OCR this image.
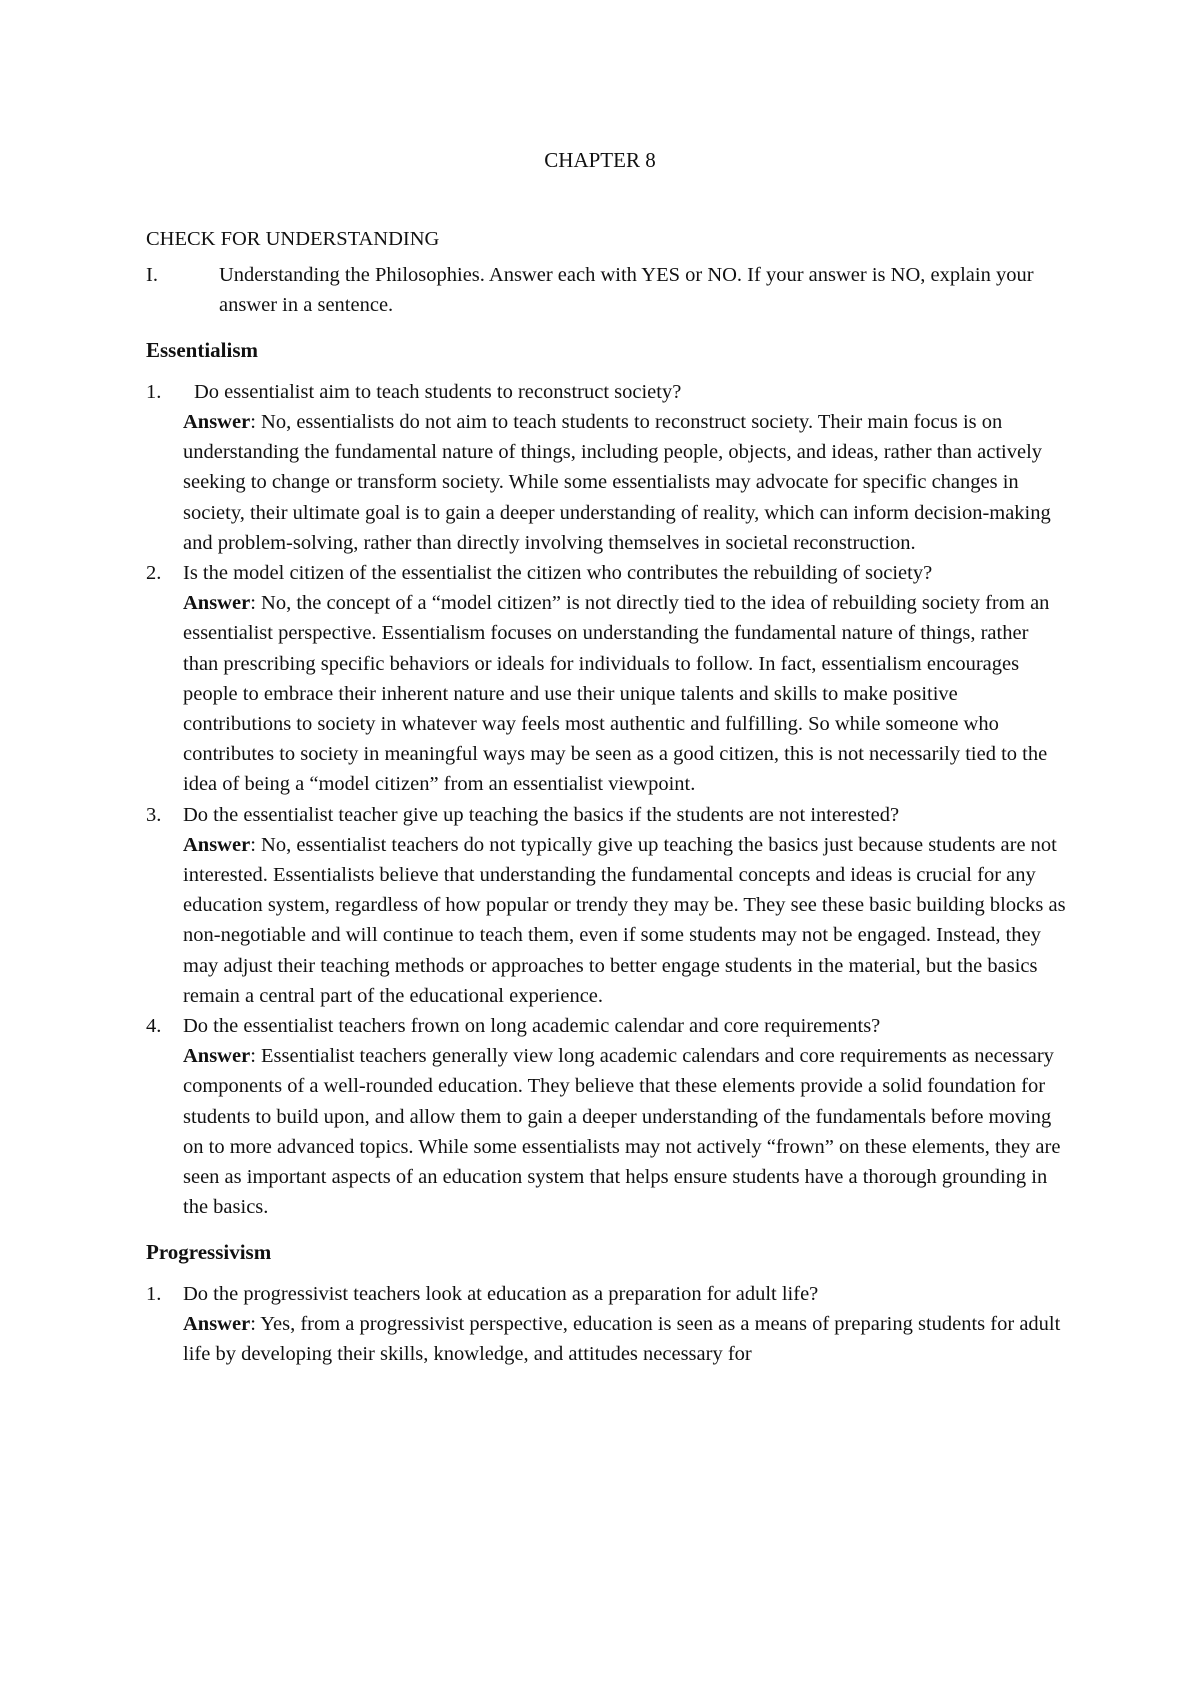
CHAPTER 8
CHECK FOR UNDERSTANDING
I.	Understanding the Philosophies. Answer each with YES or NO. If your answer is NO, explain your answer in a sentence.
Essentialism
1.	Do essentialist aim to teach students to reconstruct society?
Answer: No, essentialists do not aim to teach students to reconstruct society. Their main focus is on understanding the fundamental nature of things, including people, objects, and ideas, rather than actively seeking to change or transform society. While some essentialists may advocate for specific changes in society, their ultimate goal is to gain a deeper understanding of reality, which can inform decision-making and problem-solving, rather than directly involving themselves in societal reconstruction.
2.	Is the model citizen of the essentialist the citizen who contributes the rebuilding of society?
Answer: No, the concept of a “model citizen” is not directly tied to the idea of rebuilding society from an essentialist perspective. Essentialism focuses on understanding the fundamental nature of things, rather than prescribing specific behaviors or ideals for individuals to follow. In fact, essentialism encourages people to embrace their inherent nature and use their unique talents and skills to make positive contributions to society in whatever way feels most authentic and fulfilling. So while someone who contributes to society in meaningful ways may be seen as a good citizen, this is not necessarily tied to the idea of being a “model citizen” from an essentialist viewpoint.
3.	Do the essentialist teacher give up teaching the basics if the students are not interested?
Answer: No, essentialist teachers do not typically give up teaching the basics just because students are not interested. Essentialists believe that understanding the fundamental concepts and ideas is crucial for any education system, regardless of how popular or trendy they may be. They see these basic building blocks as non-negotiable and will continue to teach them, even if some students may not be engaged. Instead, they may adjust their teaching methods or approaches to better engage students in the material, but the basics remain a central part of the educational experience.
4.	Do the essentialist teachers frown on long academic calendar and core requirements?
Answer: Essentialist teachers generally view long academic calendars and core requirements as necessary components of a well-rounded education. They believe that these elements provide a solid foundation for students to build upon, and allow them to gain a deeper understanding of the fundamentals before moving on to more advanced topics. While some essentialists may not actively “frown” on these elements, they are seen as important aspects of an education system that helps ensure students have a thorough grounding in the basics.
Progressivism
1.	Do the progressivist teachers look at education as a preparation for adult life?
Answer: Yes, from a progressivist perspective, education is seen as a means of preparing students for adult life by developing their skills, knowledge, and attitudes necessary for
